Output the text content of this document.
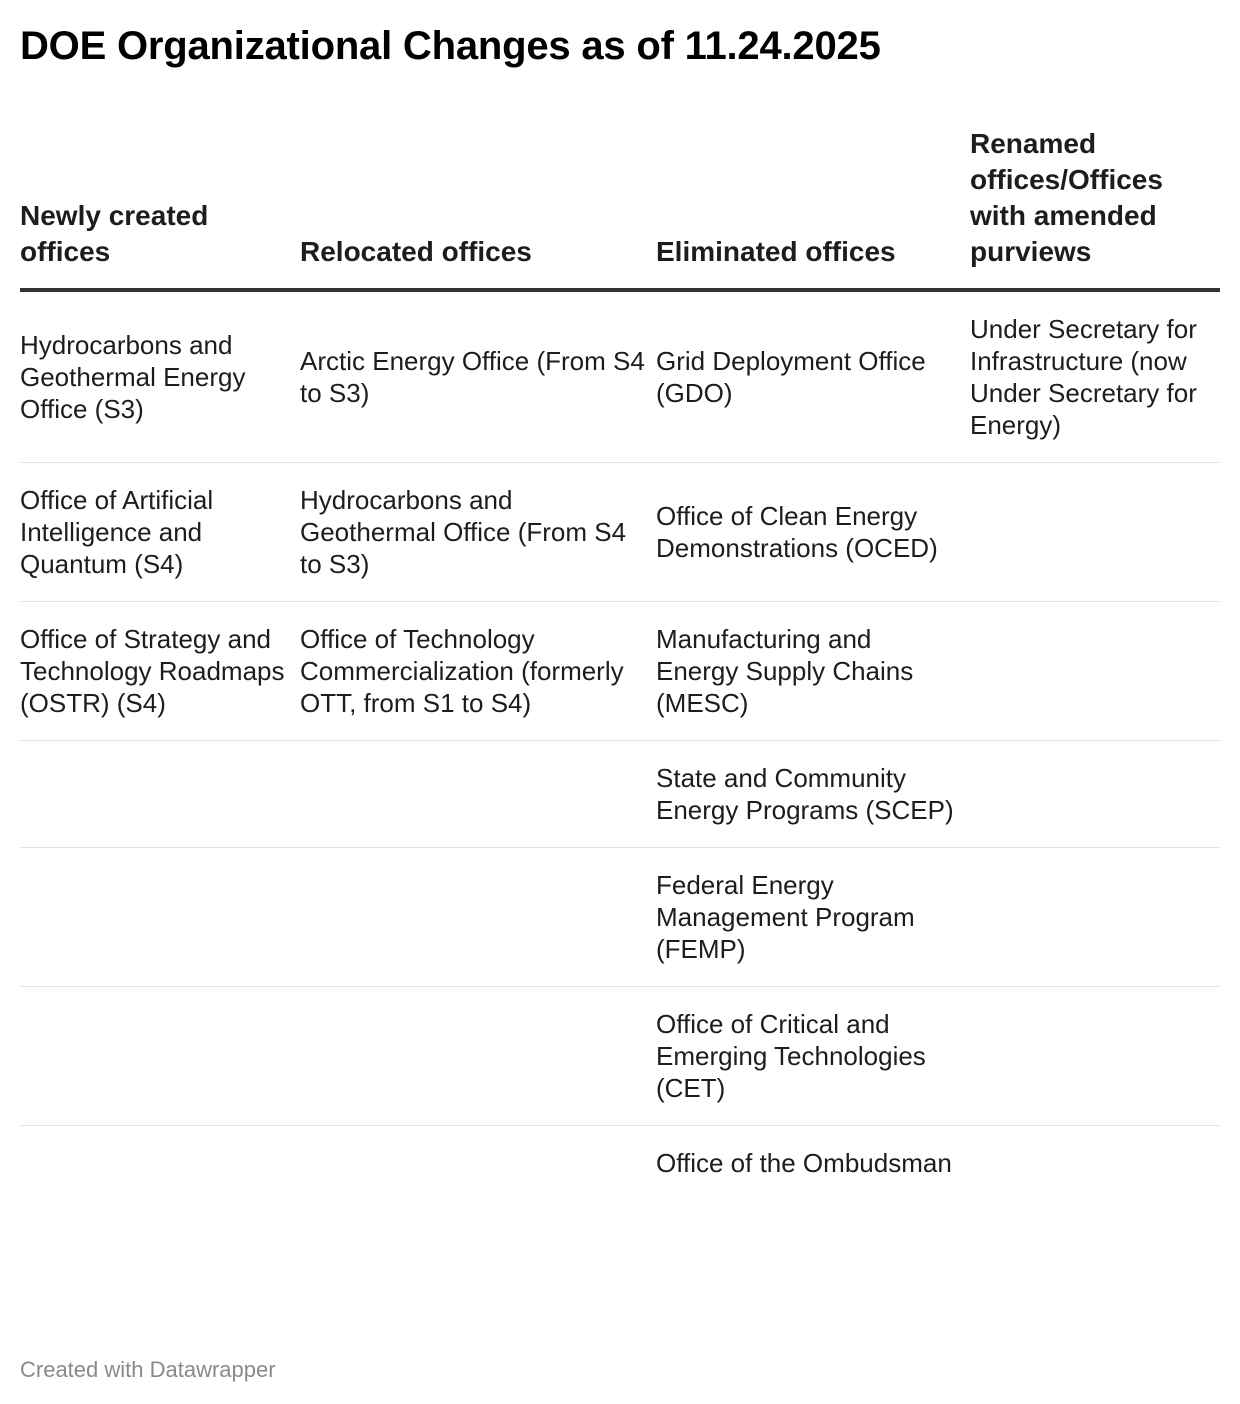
DOE Organizational Changes as of 11.24.2025
Newly created offices	Relocated offices	Eliminated offices	Renamed offices/Offices with amended purviews
Hydrocarbons and Geothermal Energy Office (S3)	Arctic Energy Office (From S4 to S3)	Grid Deployment Office (GDO)	Under Secretary for Infrastructure (now Under Secretary for Energy)
Office of Artificial Intelligence and Quantum (S4)	Hydrocarbons and Geothermal Office (From S4 to S3)	Office of Clean Energy Demonstrations (OCED)	
Office of Strategy and Technology Roadmaps (OSTR) (S4)	Office of Technology Commercialization (formerly OTT, from S1 to S4)	Manufacturing and Energy Supply Chains (MESC)	
		State and Community Energy Programs (SCEP)	
		Federal Energy Management Program (FEMP)	
		Office of Critical and Emerging Technologies (CET)	
		Office of the Ombudsman	
Created with Datawrapper
